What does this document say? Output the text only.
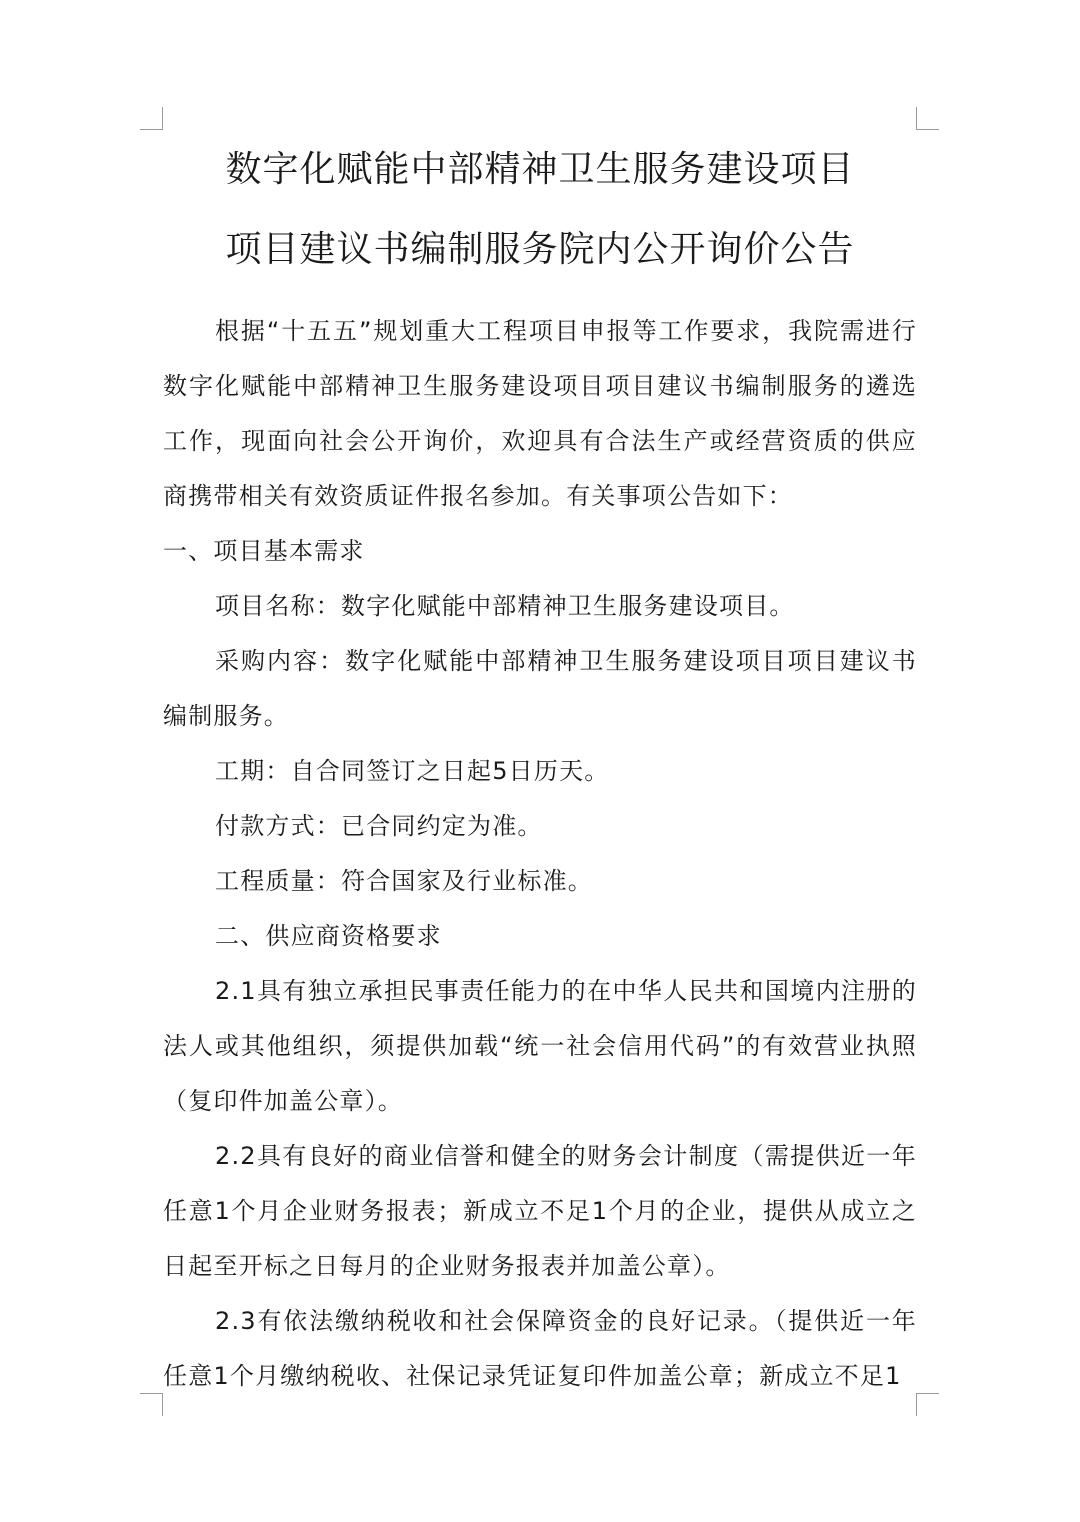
数字化赋能中部精神卫生服务建设项目
项目建议书编制服务院内公开询价公告

根据“十五五”规划重大工程项目申报等工作要求，我院需进行数字化赋能中部精神卫生服务建设项目项目建议书编制服务的遴选工作，现面向社会公开询价，欢迎具有合法生产或经营资质的供应商携带相关有效资质证件报名参加。有关事项公告如下：

一、项目基本需求

项目名称：数字化赋能中部精神卫生服务建设项目。

采购内容：数字化赋能中部精神卫生服务建设项目项目建议书编制服务。

工期：自合同签订之日起5日历天。

付款方式：已合同约定为准。

工程质量：符合国家及行业标准。

二、供应商资格要求

2.1具有独立承担民事责任能力的在中华人民共和国境内注册的法人或其他组织，须提供加载“统一社会信用代码”的有效营业执照（复印件加盖公章）。

2.2具有良好的商业信誉和健全的财务会计制度（需提供近一年任意1个月企业财务报表；新成立不足1个月的企业，提供从成立之日起至开标之日每月的企业财务报表并加盖公章）。

2.3有依法缴纳税收和社会保障资金的良好记录。（提供近一年任意1个月缴纳税收、社保记录凭证复印件加盖公章；新成立不足1
